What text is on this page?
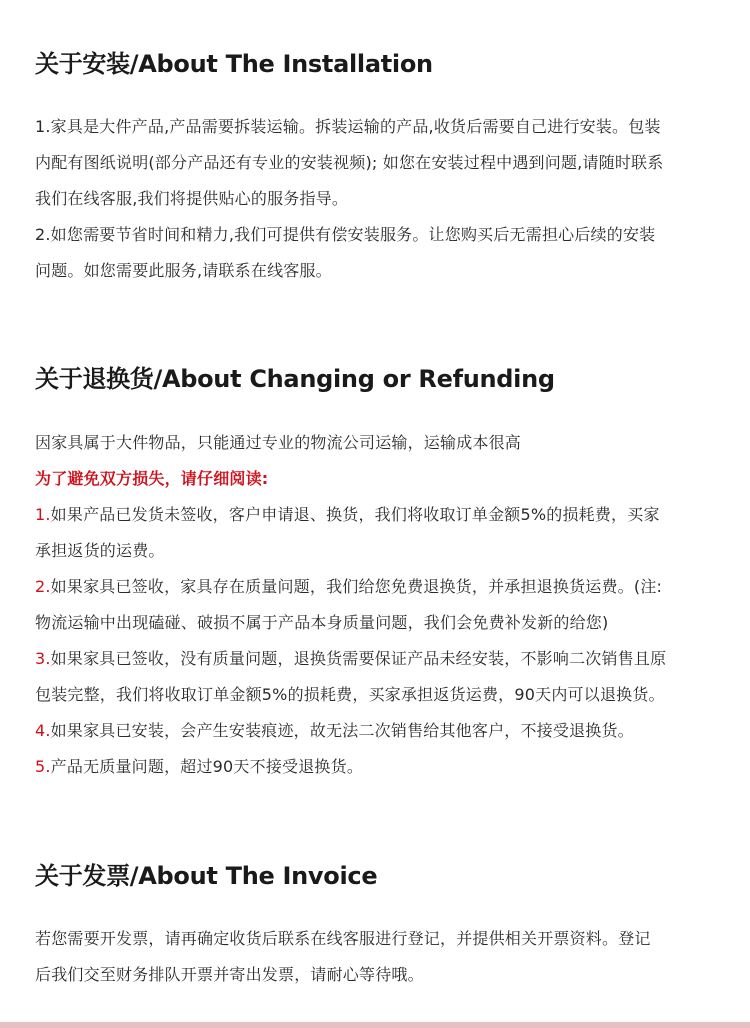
关于安装/About The Installation

1.家具是大件产品,产品需要拆装运输。拆装运输的产品,收货后需要自己进行安装。包装

内配有图纸说明(部分产品还有专业的安装视频); 如您在安装过程中遇到问题,请随时联系

我们在线客服,我们将提供贴心的服务指导。

2.如您需要节省时间和精力,我们可提供有偿安装服务。让您购买后无需担心后续的安装

问题。如您需要此服务,请联系在线客服。

关于退换货/About Changing or Refunding

因家具属于大件物品，只能通过专业的物流公司运输，运输成本很高

为了避免双方损失，请仔细阅读:

1.如果产品已发货未签收，客户申请退、换货，我们将收取订单金额5%的损耗费，买家

承担返货的运费。

2.如果家具已签收，家具存在质量问题，我们给您免费退换货，并承担退换货运费。(注:

物流运输中出现磕碰、破损不属于产品本身质量问题，我们会免费补发新的给您)

3.如果家具已签收，没有质量问题，退换货需要保证产品未经安装，不影响二次销售且原

包装完整，我们将收取订单金额5%的损耗费，买家承担返货运费，90天内可以退换货。

4.如果家具已安装，会产生安装痕迹，故无法二次销售给其他客户，不接受退换货。

5.产品无质量问题，超过90天不接受退换货。

关于发票/About The Invoice

若您需要开发票，请再确定收货后联系在线客服进行登记，并提供相关开票资料。登记

后我们交至财务排队开票并寄出发票，请耐心等待哦。
